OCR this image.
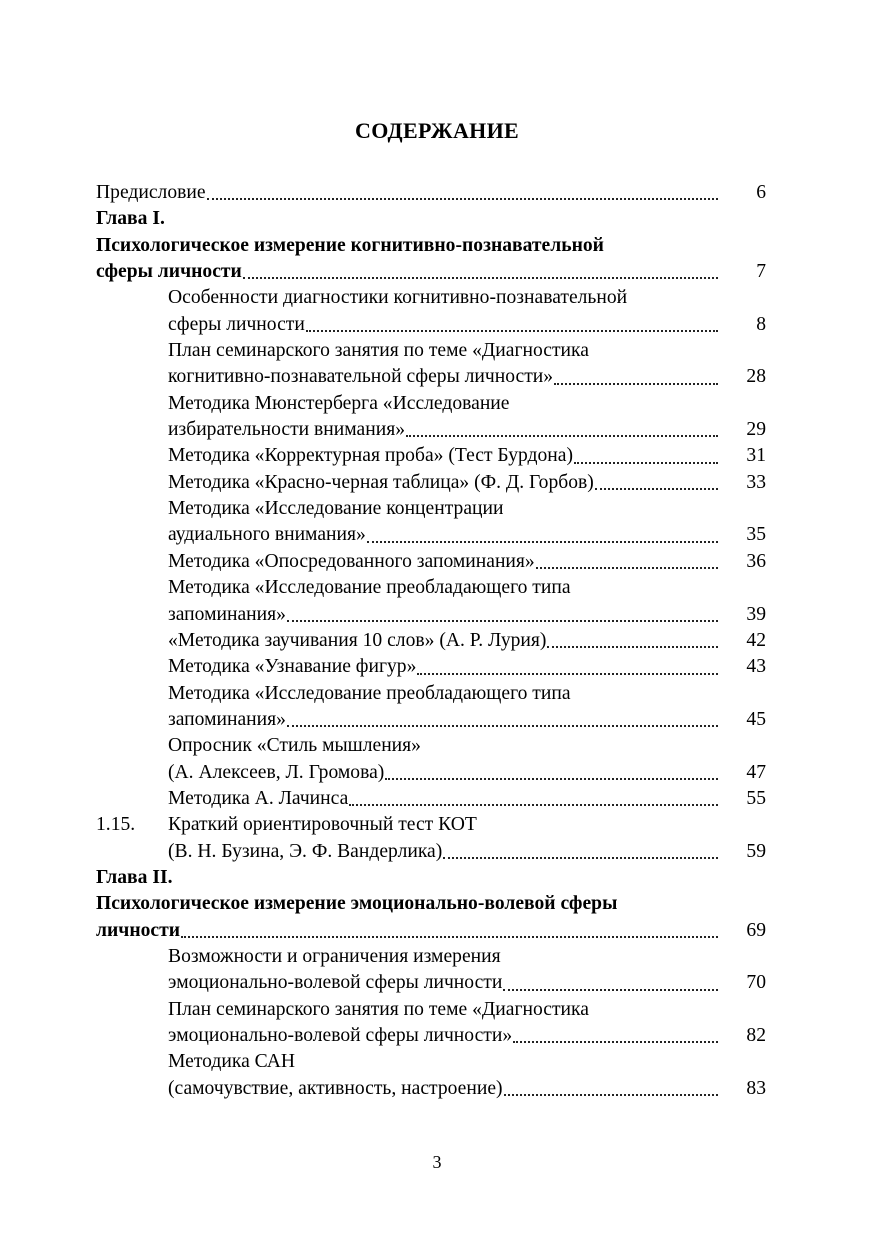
СОДЕРЖАНИЕ
Предисловие	6
Глава I.
Психологическое измерение когнитивно-познавательной
сферы личности	7
Особенности диагностики когнитивно-познавательной
сферы личности	8
План семинарского занятия по теме «Диагностика
когнитивно-познавательной сферы личности»	28
Методика Мюнстерберга «Исследование
избирательности внимания»	29
Методика «Корректурная проба» (Тест Бурдона)	31
Методика «Красно-черная таблица» (Ф. Д. Горбов)	33
Методика «Исследование концентрации
аудиального внимания»	35
Методика «Опосредованного запоминания»	36
Методика «Исследование преобладающего типа
запоминания»	39
«Методика заучивания 10 слов» (А. Р. Лурия)	42
Методика «Узнавание фигур»	43
Методика «Исследование преобладающего типа
запоминания»	45
Опросник «Стиль мышления»
(А. Алексеев, Л. Громова)	47
Методика А. Лачинса	55
1.15. Краткий ориентировочный тест КОТ
(В. Н. Бузина, Э. Ф. Вандерлика)	59
Глава II.
Психологическое измерение эмоционально-волевой сферы
личности	69
Возможности и ограничения измерения
эмоционально-волевой сферы личности	70
План семинарского занятия по теме «Диагностика
эмоционально-волевой сферы личности»	82
Методика САН
(самочувствие, активность, настроение)	83
3
